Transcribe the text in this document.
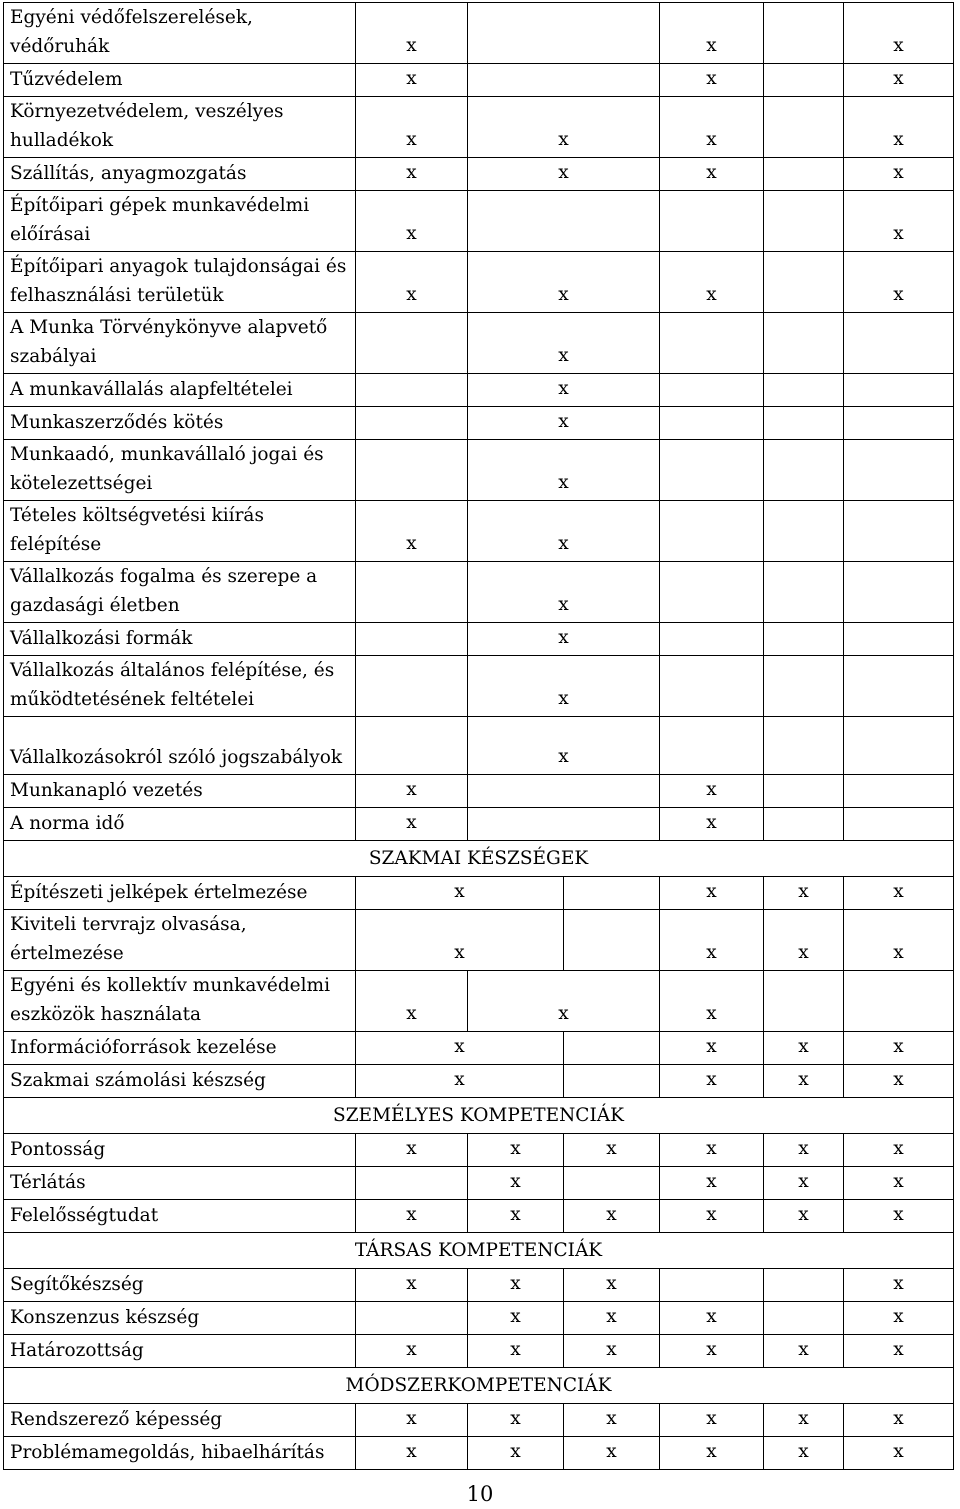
Egyéni védőfelszerelések, védőruhák	x			x		x
Tűzvédelem	x			x		x
Környezetvédelem, veszélyes hulladékok	x	x		x		x
Szállítás, anyagmozgatás	x	x		x		x
Építőipari gépek munkavédelmi előírásai	x					x
Építőipari anyagok tulajdonságai és felhasználási területük	x	x		x		x
A Munka Törvénykönyve alapvető szabályai		x				
A munkavállalás alapfeltételei		x				
Munkaszerződés kötés		x				
Munkaadó, munkavállaló jogai és kötelezettségei		x				
Tételes költségvetési kiírás felépítése	x	x				
Vállalkozás fogalma és szerepe a gazdasági életben		x				
Vállalkozási formák		x				
Vállalkozás általános felépítése, és működtetésének feltételei		x				
Vállalkozásokról szóló jogszabályok		x				
Munkanapló vezetés	x			x		
A norma idő	x			x		
SZAKMAI KÉSZSÉGEK						
Építészeti jelképek értelmezése	x			x	x	x
Kiviteli tervrajz olvasása, értelmezése	x			x	x	x
Egyéni és kollektív munkavédelmi eszközök használata	x	x		x		
Információforrások kezelése	x			x	x	x
Szakmai számolási készség	x			x	x	x
SZEMÉLYES KOMPETENCIÁK						
Pontosság	x	x	x	x	x	x
Térlátás		x		x	x	x
Felelősségtudat	x	x	x	x	x	x
TÁRSAS KOMPETENCIÁK						
Segítőkészség	x	x	x			x
Konszenzus készség		x	x	x		x
Határozottság	x	x	x	x	x	x
MÓDSZERKOMPETENCIÁK						
Rendszerező képesség	x	x	x	x	x	x
Problémamegoldás, hibaelhárítás	x	x	x	x	x	x
10
